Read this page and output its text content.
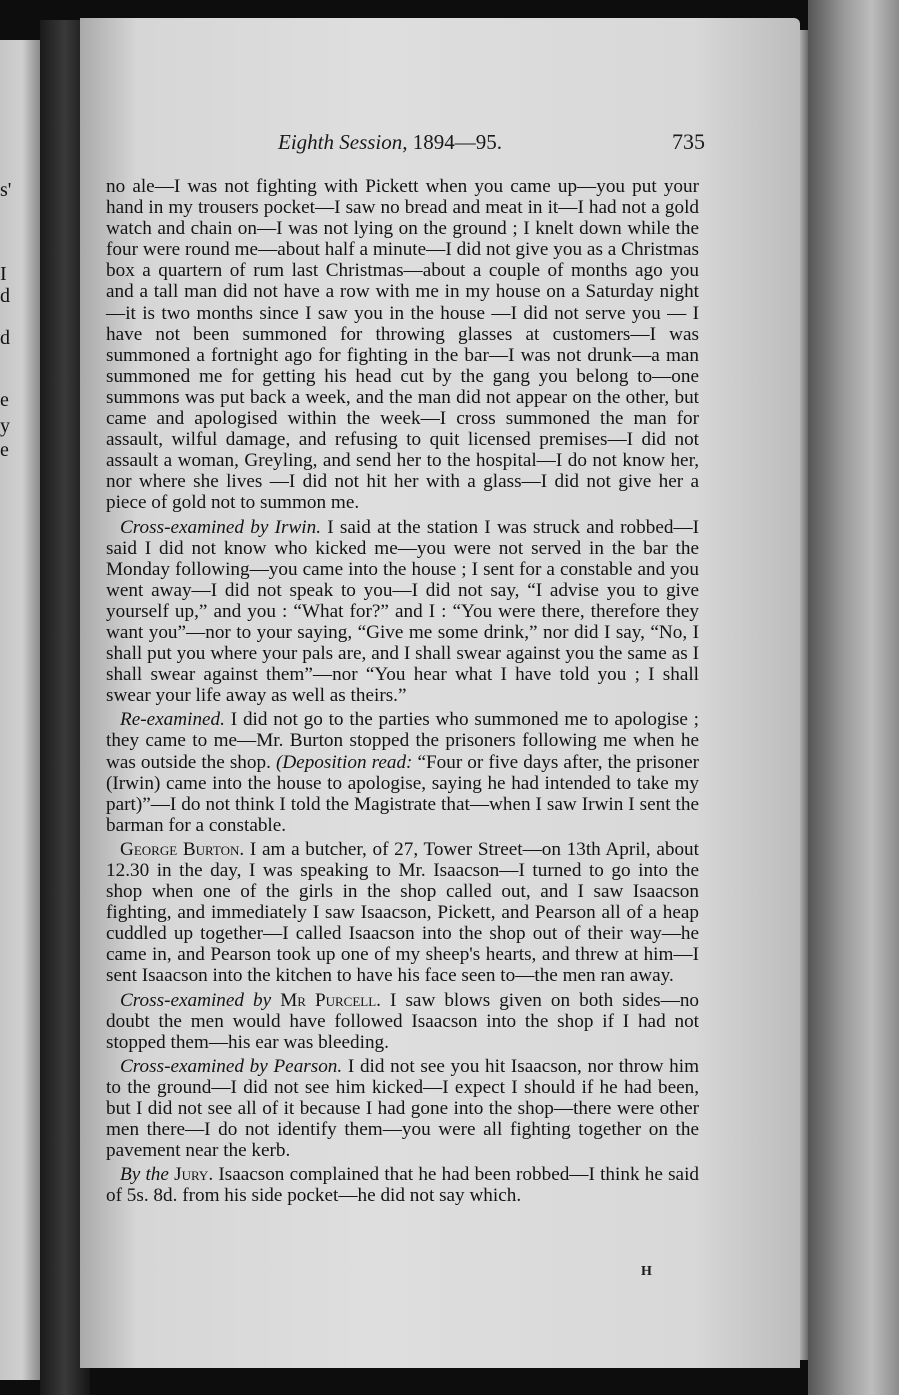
s'
I
d
d
e
y
e
Eighth Session, 1894—95.	735

no ale—I was not fighting with Pickett when you came up—you put your hand in my trousers pocket—I saw no bread and meat in it—I had not a gold watch and chain on—I was not lying on the ground ; I knelt down while the four were round me—about half a minute—I did not give you as a Christmas box a quartern of rum last Christmas—about a couple of months ago you and a tall man did not have a row with me in my house on a Saturday night—it is two months since I saw you in the house —I did not serve you — I have not been summoned for throwing glasses at customers—I was summoned a fortnight ago for fighting in the bar—I was not drunk—a man summoned me for getting his head cut by the gang you belong to—one summons was put back a week, and the man did not appear on the other, but came and apologised within the week—I cross summoned the man for assault, wilful damage, and refusing to quit licensed premises—I did not assault a woman, Greyling, and send her to the hospital—I do not know her, nor where she lives —I did not hit her with a glass—I did not give her a piece of gold not to summon me.

Cross-examined by Irwin. I said at the station I was struck and robbed—I said I did not know who kicked me—you were not served in the bar the Monday following—you came into the house ; I sent for a constable and you went away—I did not speak to you—I did not say, “I advise you to give yourself up,” and you : “What for?” and I : “You were there, therefore they want you”—nor to your saying, “Give me some drink,” nor did I say, “No, I shall put you where your pals are, and I shall swear against you the same as I shall swear against them”—nor “You hear what I have told you ; I shall swear your life away as well as theirs.”

Re-examined. I did not go to the parties who summoned me to apologise ; they came to me—Mr. Burton stopped the prisoners following me when he was outside the shop. (Deposition read: “Four or five days after, the prisoner (Irwin) came into the house to apologise, saying he had intended to take my part)”—I do not think I told the Magistrate that—when I saw Irwin I sent the barman for a constable.

George Burton. I am a butcher, of 27, Tower Street—on 13th April, about 12.30 in the day, I was speaking to Mr. Isaacson—I turned to go into the shop when one of the girls in the shop called out, and I saw Isaacson fighting, and immediately I saw Isaacson, Pickett, and Pearson all of a heap cuddled up together—I called Isaacson into the shop out of their way—he came in, and Pearson took up one of my sheep's hearts, and threw at him—I sent Isaacson into the kitchen to have his face seen to—the men ran away.

Cross-examined by Mr Purcell. I saw blows given on both sides—no doubt the men would have followed Isaacson into the shop if I had not stopped them—his ear was bleeding.

Cross-examined by Pearson. I did not see you hit Isaacson, nor throw him to the ground—I did not see him kicked—I expect I should if he had been, but I did not see all of it because I had gone into the shop—there were other men there—I do not identify them—you were all fighting together on the pavement near the kerb.

By the Jury. Isaacson complained that he had been robbed—I think he said of 5s. 8d. from his side pocket—he did not say which.

H
